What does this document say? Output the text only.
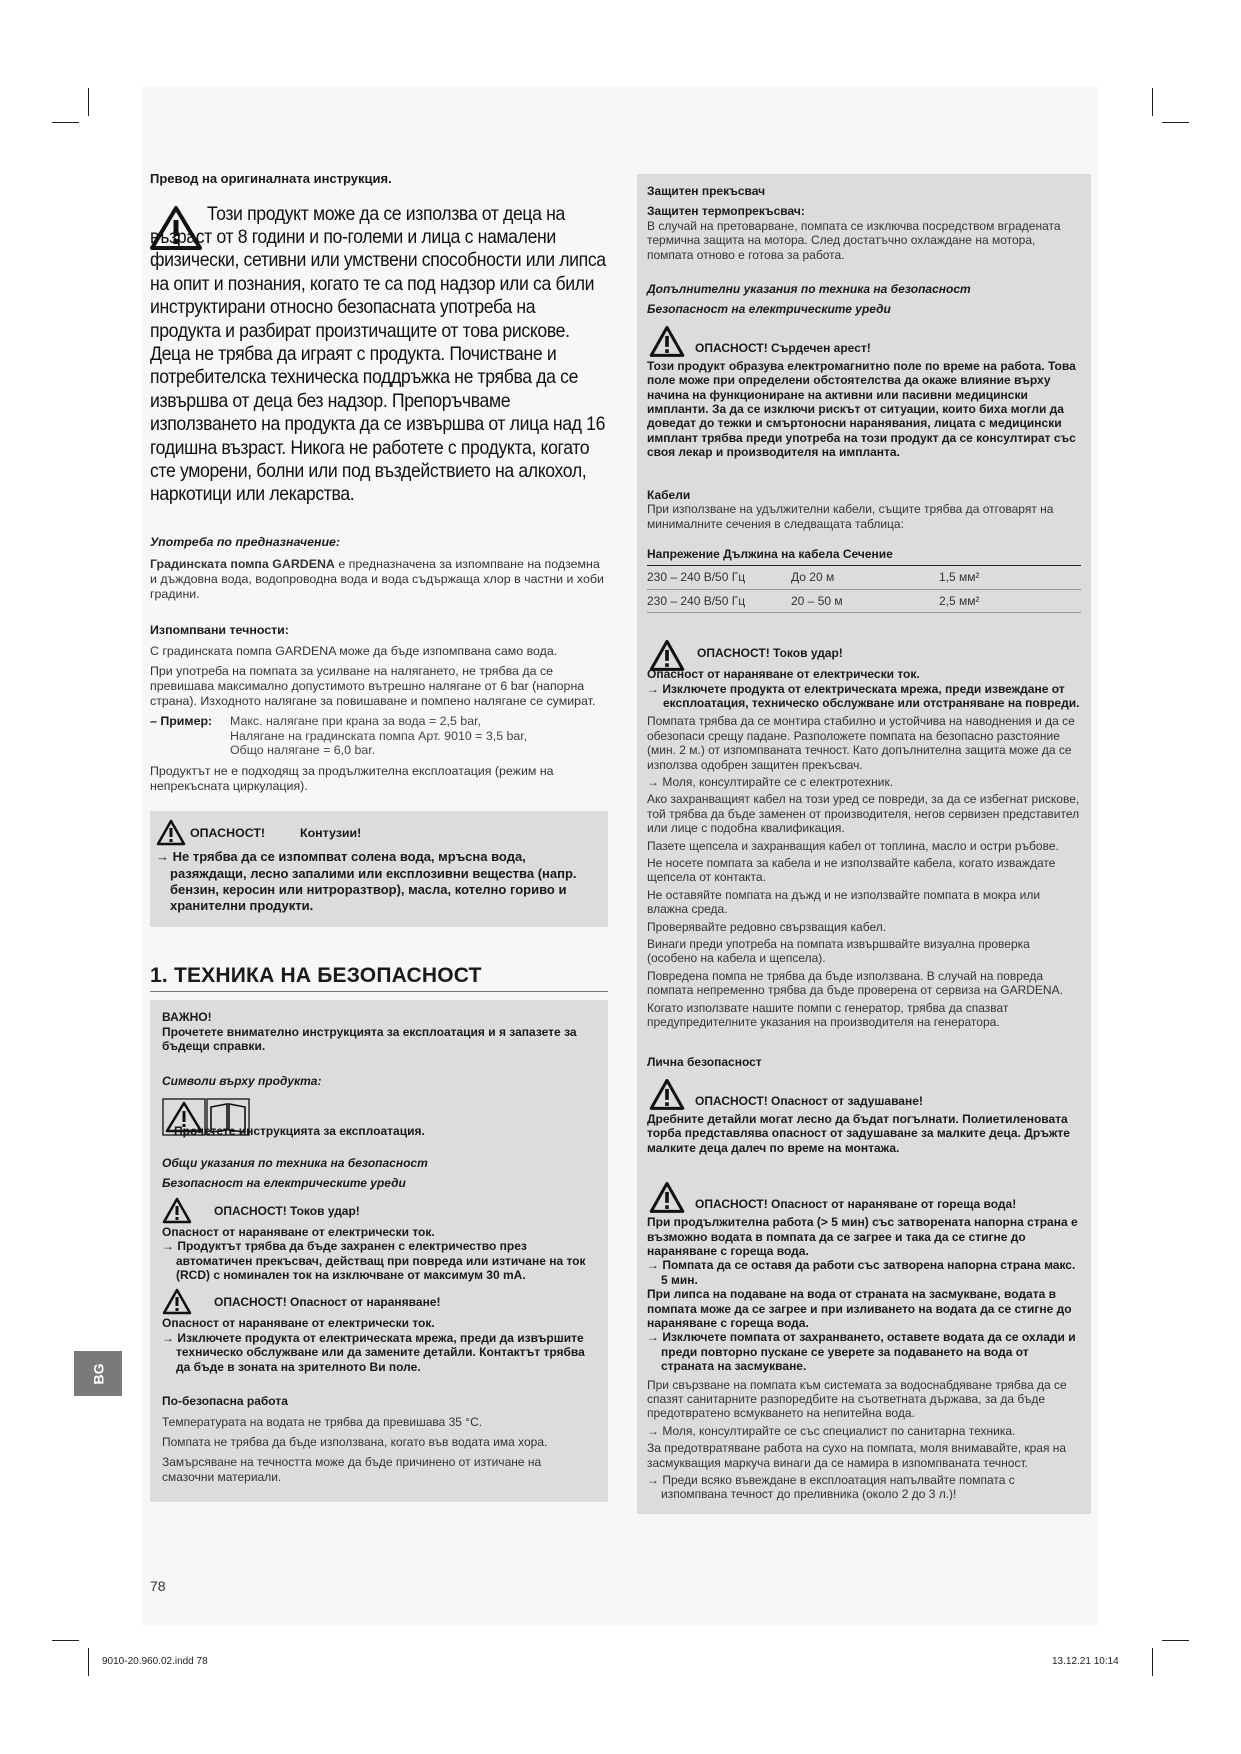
BG
Превод на оригиналната инструкция.
Този продукт може да се използва от деца на възраст от 8 години и по-големи и лица с намалени физически, сетивни или умствени способности или липса на опит и познания, когато те са под надзор или са били инструктирани относно безопасната употреба на продукта и разбират произтичащите от това рискове. Деца не трябва да играят с продукта. Почистване и потребителска техническа поддръжка не трябва да се извършва от деца без надзор. Препоръчваме използването на продукта да се извършва от лица над 16 годишна възраст. Никога не работете с продукта, когато сте уморени, болни или под въздействието на алкохол, наркотици или лекарства.
Употреба по предназначение:
Градинската помпа GARDENA е предназначена за изпомпване на подземна и дъждовна вода, водопроводна вода и вода съдържаща хлор в частни и хоби градини.
Изпомпвани течности:
С градинската помпа GARDENA може да бъде изпомпвана само вода.
При употреба на помпата за усилване на налягането, не трябва да се превишава максимално допустимото вътрешно налягане от 6 bar (напорна страна). Изходното налягане за повишаване и помпено налягане се сумират.
– Пример:	Макс. налягане при крана за вода = 2,5 bar,
Налягане на градинската помпа Арт. 9010 = 3,5 bar,
Общо налягане = 6,0 bar.
Продуктът не е подходящ за продължителна експлоатация (режим на непрекъсната циркулация).
ОПАСНОСТ!	Контузии!
→ Не трябва да се изпомпват солена вода, мръсна вода, разяждащи, лесно запалими или експлозивни вещества (напр. бензин, керосин или нитроразтвор), масла, котелно гориво и хранителни продукти.
1. ТЕХНИКА НА БЕЗОПАСНОСТ
ВАЖНО!
Прочетете внимателно инструкцията за експлоатация и я запазете за бъдещи справки.
Символи върху продукта:
Прочетете инструкцията за експлоатация.
Общи указания по техника на безопасност
Безопасност на електрическите уреди
ОПАСНОСТ! Токов удар!
Опасност от нараняване от електрически ток.
→ Продуктът трябва да бъде захранен с електричество през автоматичен прекъсвач, действащ при повреда или изтичане на ток (RCD) с номинален ток на изключване от максимум 30 mA.
ОПАСНОСТ! Опасност от нараняване!
Опасност от нараняване от електрически ток.
→ Изключете продукта от електрическата мрежа, преди да извършите техническо обслужване или да замените детайли. Контактът трябва да бъде в зоната на зрителното Ви поле.
По-безопасна работа
Температурата на водата не трябва да превишава 35 °C.
Помпата не трябва да бъде използвана, когато във водата има хора.
Замърсяване на течността може да бъде причинено от изтичане на смазочни материали.
Защитен прекъсвач
Защитен термопрекъсвач:
В случай на претоварване, помпата се изключва посредством вградената термична защита на мотора. След достатъчно охлаждане на мотора, помпата отново е готова за работа.
Допълнителни указания по техника на безопасност
Безопасност на електрическите уреди
ОПАСНОСТ! Сърдечен арест!
Този продукт образува електромагнитно поле по време на работа. Това поле може при определени обстоятелства да окаже влияние върху начина на функциониране на активни или пасивни медицински импланти. За да се изключи рискът от ситуации, които биха могли да доведат до тежки и смъртоносни наранявания, лицата с медицински имплант трябва преди употреба на този продукт да се консултират със своя лекар и производителя на импланта.
Кабели
При използване на удължителни кабели, същите трябва да отговарят на минималните сечения в следващата таблица:
Напрежение Дължина на кабела Сечение		
230 – 240 В/50 Гц	До 20 м	1,5 мм²
230 – 240 В/50 Гц	20 – 50 м	2,5 мм²
ОПАСНОСТ! Токов удар!
Опасност от нараняване от електрически ток.
→ Изключете продукта от електрическата мрежа, преди извеждане от експлоатация, техническо обслужване или отстраняване на повреди.
Помпата трябва да се монтира стабилно и устойчива на наводнения и да се обезопаси срещу падане. Разположете помпата на безопасно разстояние (мин. 2 м.) от изпомпваната течност. Като допълнителна защита може да се използва одобрен защитен прекъсвач.
→ Моля, консултирайте се с електротехник.
Ако захранващият кабел на този уред се повреди, за да се избегнат рискове, той трябва да бъде заменен от производителя, негов сервизен представител или лице с подобна квалификация.
Пазете щепсела и захранващия кабел от топлина, масло и остри ръбове.
Не носете помпата за кабела и не използвайте кабела, когато изваждате щепсела от контакта.
Не оставяйте помпата на дъжд и не използвайте помпата в мокра или влажна среда.
Проверявайте редовно свързващия кабел.
Винаги преди употреба на помпата извършвайте визуална проверка (особено на кабела и щепсела).
Повредена помпа не трябва да бъде използвана. В случай на повреда помпата непременно трябва да бъде проверена от сервиза на GARDENA.
Когато използвате нашите помпи с генератор, трябва да спазват предупредителните указания на производителя на генератора.
Лична безопасност
ОПАСНОСТ! Опасност от задушаване!
Дребните детайли могат лесно да бъдат погълнати. Полиетиленовата торба представлява опасност от задушаване за малките деца. Дръжте малките деца далеч по време на монтажа.
ОПАСНОСТ! Опасност от нараняване от гореща вода!
При продължителна работа (> 5 мин) със затворената напорна страна е възможно водата в помпата да се загрее и така да се стигне до нараняване с гореща вода.
→ Помпата да се оставя да работи със затворена напорна страна макс. 5 мин.
При липса на подаване на вода от страната на засмукване, водата в помпата може да се загрее и при изливането на водата да се стигне до нараняване с гореща вода.
→ Изключете помпата от захранването, оставете водата да се охлади и преди повторно пускане се уверете за подаването на вода от страната на засмукване.
При свързване на помпата към системата за водоснабдяване трябва да се спазят санитарните разпоредбите на съответната държава, за да бъде предотвратено всмукването на непитейна вода.
→ Моля, консултирайте се със специалист по санитарна техника.
За предотвратяване работа на сухо на помпата, моля внимавайте, края на засмукващия маркуча винаги да се намира в изпомпваната течност.
→ Преди всяко въвеждане в експлоатация напълвайте помпата с изпомпвана течност до преливника (около 2 до 3 л.)!
78
9010-20.960.02.indd 78	13.12.21 10:14
